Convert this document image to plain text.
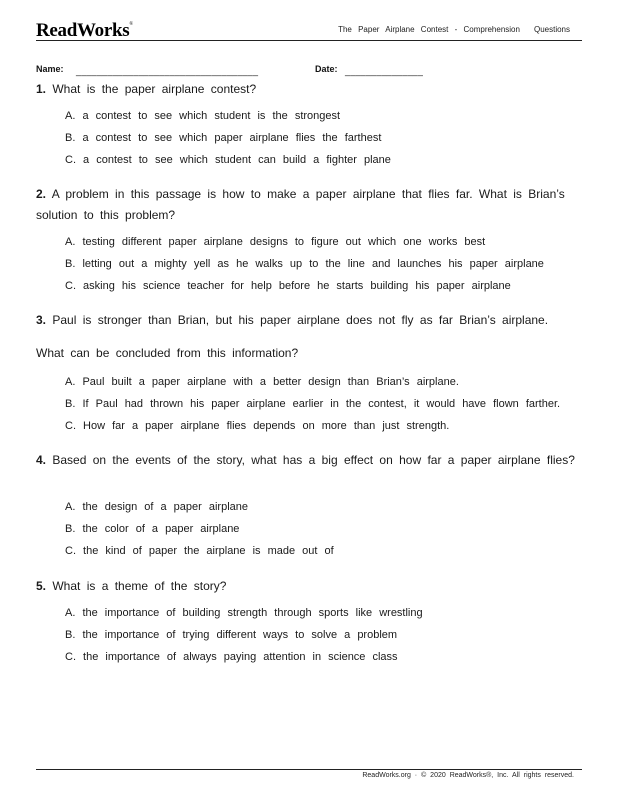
ReadWorks®
The Paper Airplane Contest - Comprehension Questions
Name: ___________________________________	Date: _______________
1. What is the paper airplane contest?
A. a contest to see which student is the strongest
B. a contest to see which paper airplane flies the farthest
C. a contest to see which student can build a fighter plane
2. A problem in this passage is how to make a paper airplane that flies far. What is Brian’s solution to this problem?
A. testing different paper airplane designs to figure out which one works best
B. letting out a mighty yell as he walks up to the line and launches his paper airplane
C. asking his science teacher for help before he starts building his paper airplane
3. Paul is stronger than Brian, but his paper airplane does not fly as far Brian’s airplane.
What can be concluded from this information?
A. Paul built a paper airplane with a better design than Brian’s airplane.
B. If Paul had thrown his paper airplane earlier in the contest, it would have flown farther.
C. How far a paper airplane flies depends on more than just strength.
4. Based on the events of the story, what has a big effect on how far a paper airplane flies?
A. the design of a paper airplane
B. the color of a paper airplane
C. the kind of paper the airplane is made out of
5. What is a theme of the story?
A. the importance of building strength through sports like wrestling
B. the importance of trying different ways to solve a problem
C. the importance of always paying attention in science class
ReadWorks.org · © 2020 ReadWorks®, Inc. All rights reserved.
